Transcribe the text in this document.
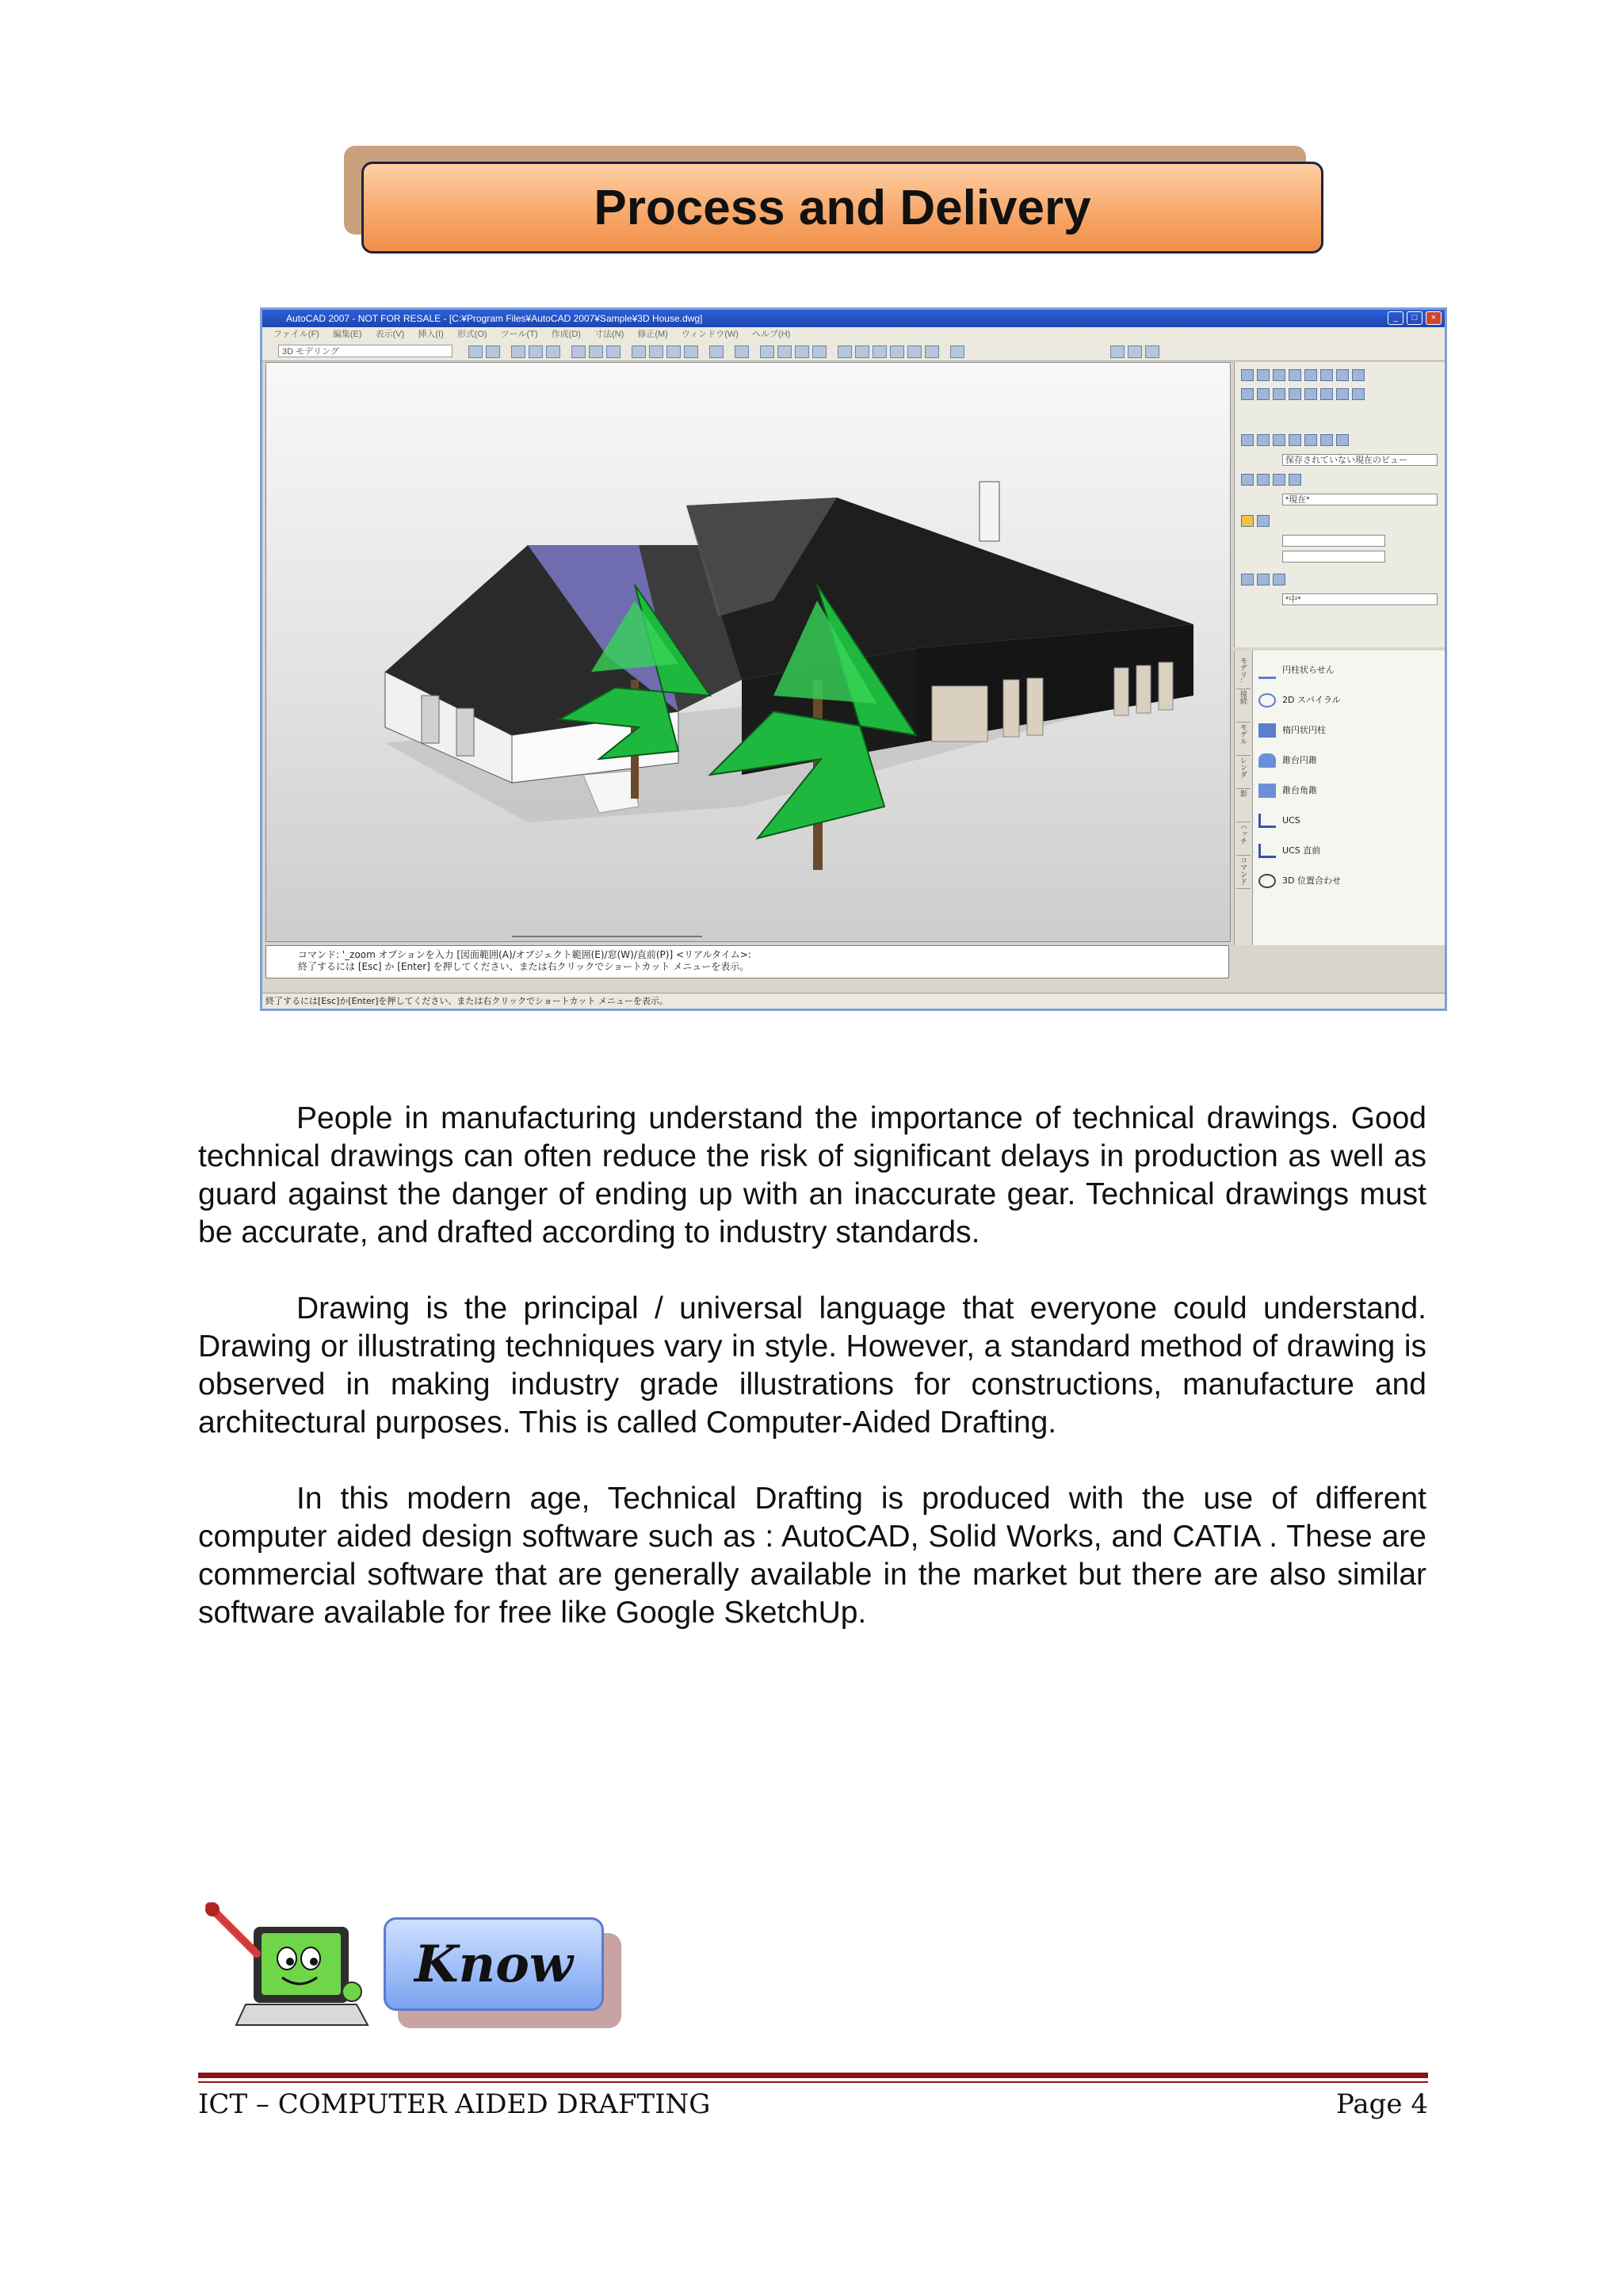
Process and Delivery
AutoCAD 2007 - NOT FOR RESALE - [C:¥Program Files¥AutoCAD 2007¥Sample¥3D House.dwg]	_	□	×
ファイル(F) 編集(E) 表示(V) 挿入(I) 形式(O) ツール(T) 作成(D) 寸法(N) 修正(M) ウィンドウ(W) ヘルプ(H)
3D モデリング
保存されていない現在のビュー
*現在*
*中*
モデリ..
接続
モデル
レンダ
影
ハッチ
コマンド
円柱状らせん
2D スパイラル
楕円状円柱
錐台円錐
錐台角錐
UCS
UCS 直前
3D 位置合わせ
コマンド: '_zoom オプションを入力 [図面範囲(A)/オブジェクト範囲(E)/窓(W)/直前(P)] <リアルタイム>:
終了するには [Esc] か [Enter] を押してください、または右クリックでショートカット メニューを表示。
終了するには[Esc]か[Enter]を押してください、または右クリックでショートカット メニューを表示。

People in manufacturing understand the importance of technical drawings. Good technical drawings can often reduce the risk of significant delays in production as well as guard against the danger of ending up with an inaccurate gear. Technical drawings must be accurate, and drafted according to industry standards.

Drawing is the principal / universal language that everyone could understand. Drawing or illustrating techniques vary in style. However, a standard method of drawing is observed in making industry grade illustrations for constructions, manufacture and architectural purposes. This is called Computer-Aided Drafting.

In this modern age, Technical Drafting is produced with the use of different computer aided design software such as : AutoCAD, Solid Works, and CATIA . These are commercial software that are generally available in the market but there are also similar software available for free like Google SketchUp.

Know
ICT – COMPUTER AIDED DRAFTING	Page 4
